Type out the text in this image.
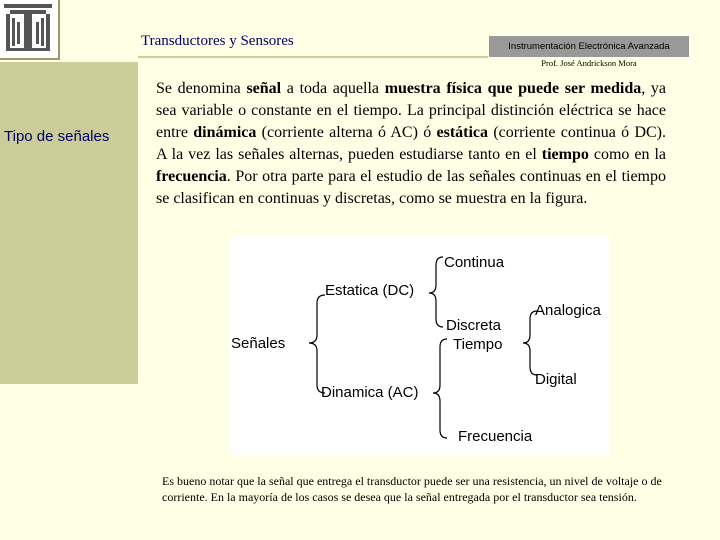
Transductores y Sensores	Instrumentación Electrónica Avanzada
Prof. José Andrickson Mora
Tipo de señales

Se denomina señal a toda aquella muestra física que puede ser medida, ya sea variable o constante en el tiempo. La principal distinción eléctrica se hace entre dinámica (corriente alterna ó AC) ó estática (corriente continua ó DC). A la vez las señales alternas, pueden estudiarse tanto en el tiempo como en la frecuencia. Por otra parte para el estudio de las señales continuas en el tiempo se clasifican en continuas y discretas, como se muestra en la figura.

Señales
Estatica (DC)
Dinamica (AC)
Continua
Discreta
Tiempo
Analogica
Digital
Frecuencia

Es bueno notar que la señal que entrega el transductor puede ser una resistencia, un nivel de voltaje o de corriente. En la mayoría de los casos se desea que la señal entregada por el transductor sea tensión.
